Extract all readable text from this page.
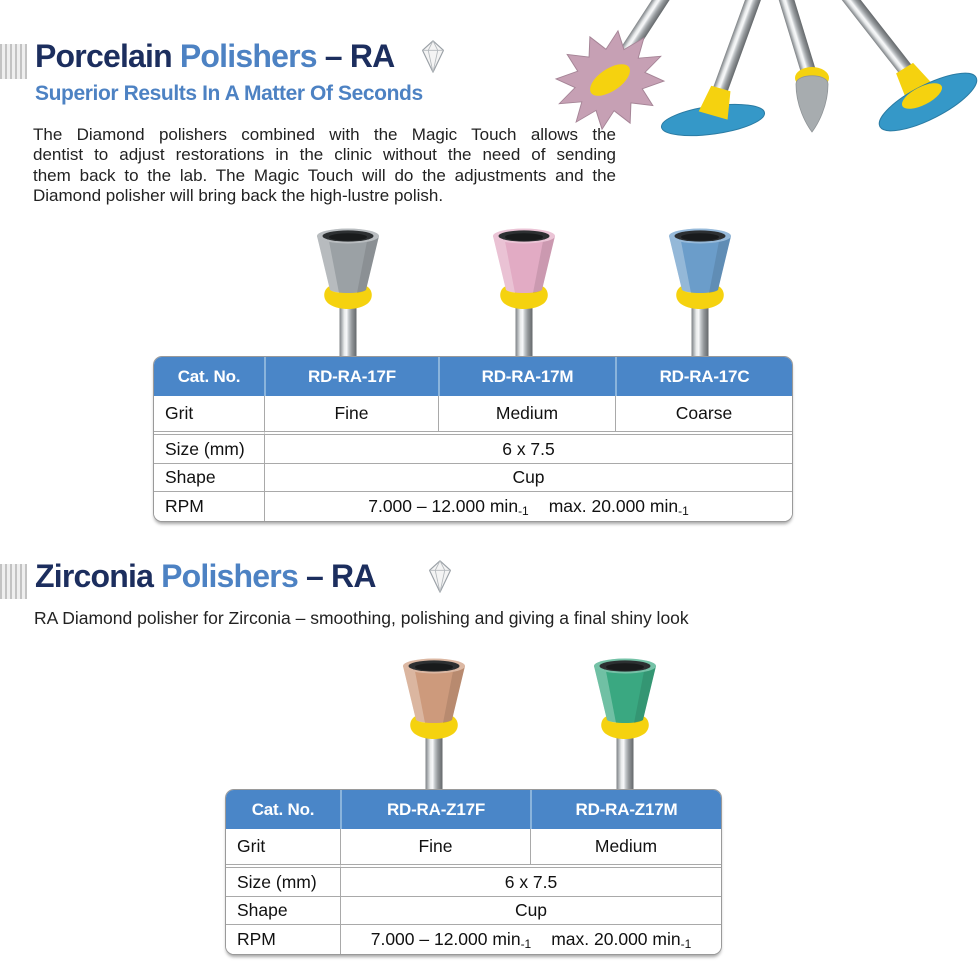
Porcelain Polishers – RA
Superior Results In A Matter Of Seconds
The Diamond polishers combined with the Magic Touch allows the
dentist to adjust restorations in the clinic without the need of sending
them back to the lab. The Magic Touch will do the adjustments and the
Diamond polisher will bring back the high-lustre polish.
Cat. No.	RD-RA-17F	RD-RA-17M	RD-RA-17C
Grit	Fine	Medium	Coarse
Size (mm)	6 x 7.5		
Shape	Cup		
RPM	7.000 – 12.000 $\min_{-1} \max$. 20.000 $\min_{-1}$
Zirconia Polishers – RA
RA Diamond polisher for Zirconia – smoothing, polishing and giving a final shiny look
Cat. No.	RD-RA-Z17F	RD-RA-Z17M
Grit	Fine	Medium
Size (mm)	6 x 7.5	
Shape	Cup	
RPM	7.000 – 12.000 $\min_{-1} \max$. 20.000 $\min_{-1}$
